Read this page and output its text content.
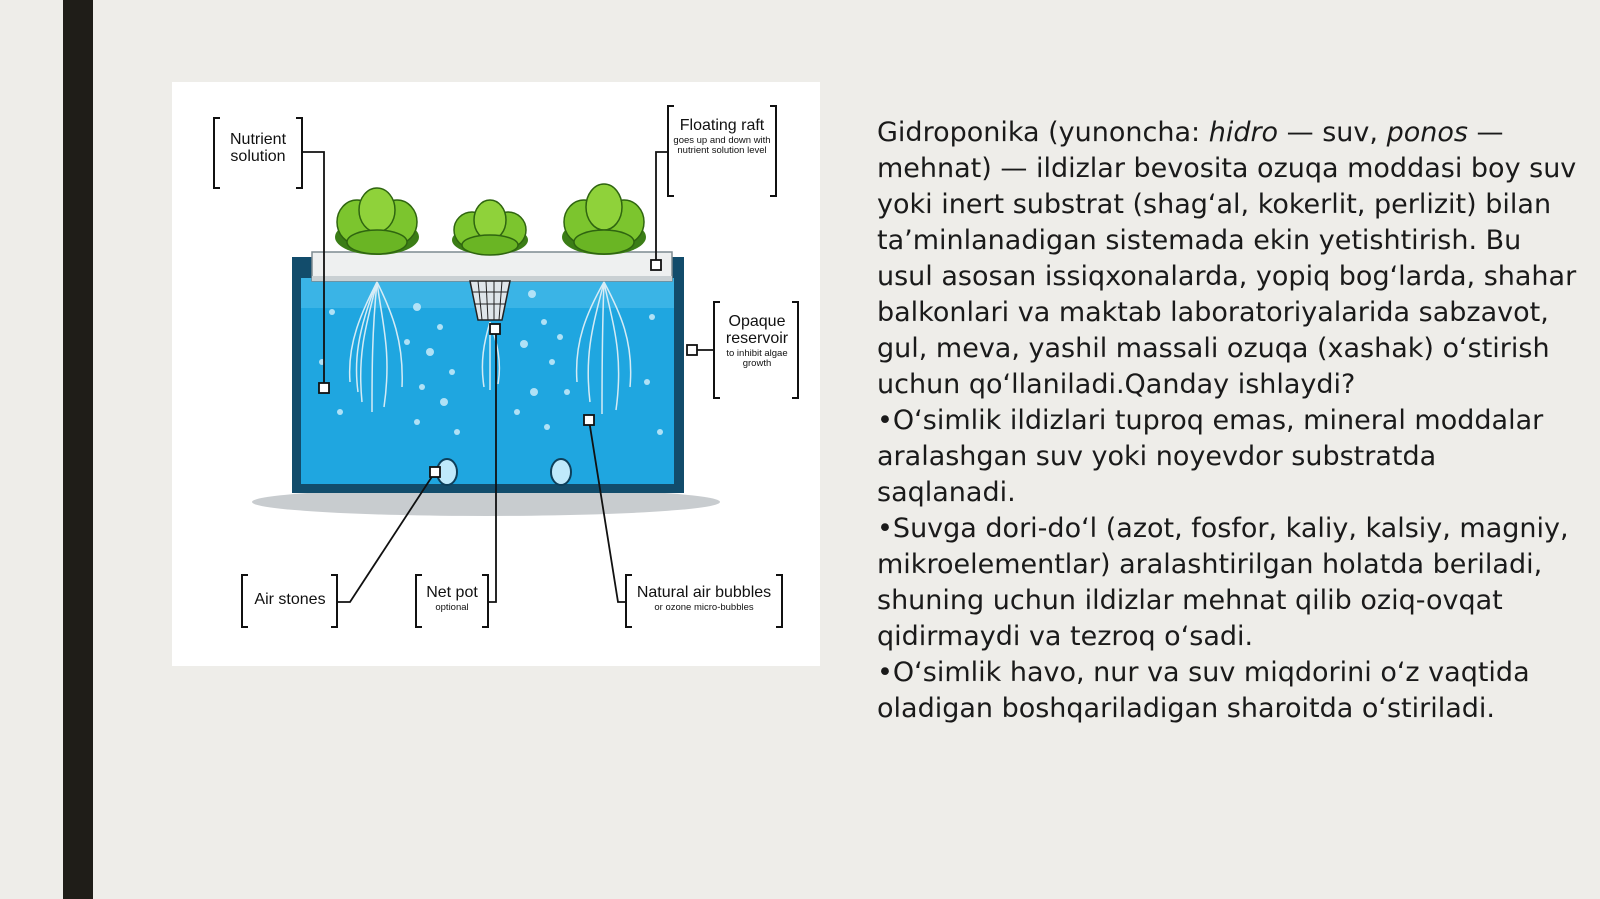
Nutrient solution
Floating raft
goes up and down with nutrient solution level
Opaque reservoir
to inhibit algae growth
Air stones	Net pot
optional
Natural air bubbles
or ozone micro-bubbles

Gidroponika (yunoncha: hidro — suv, ponos — mehnat) — ildizlar bevosita ozuqa moddasi boy suv yoki inert substrat (shag‘al, kokerlit, perlizit) bilan ta’minlanadigan sistemada ekin yetishtirish. Bu usul asosan issiqxonalarda, yopiq bog‘larda, shahar balkonlari va maktab laboratoriyalarida sabzavot, gul, meva, yashil massali ozuqa (xashak) o‘stirish uchun qo‘llaniladi.Qanday ishlaydi?

•O‘simlik ildizlari tuproq emas, mineral moddalar aralashgan suv yoki noyevdor substratda saqlanadi.

•Suvga dori-do‘l (azot, fosfor, kaliy, kalsiy, magniy, mikroelementlar) aralashtirilgan holatda beriladi, shuning uchun ildizlar mehnat qilib oziq-ovqat qidirmaydi va tezroq o‘sadi.

•O‘simlik havo, nur va suv miqdorini o‘z vaqtida oladigan boshqariladigan sharoitda o‘stiriladi.
